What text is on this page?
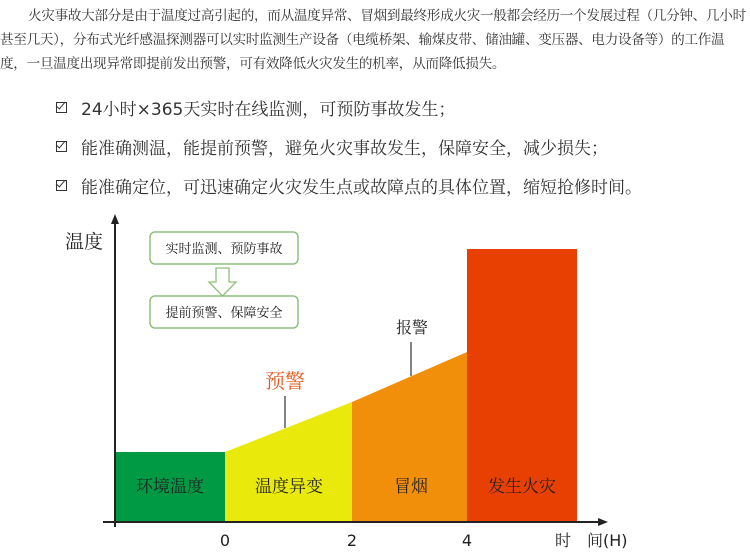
火灾事故大部分是由于温度过高引起的，而从温度异常、冒烟到最终形成火灾一般都会经历一个发展过程（几分钟、几小时甚至几天），分布式光纤感温探测器可以实时监测生产设备（电缆桥架、输煤皮带、储油罐、变压器、电力设备等）的工作温度，一旦温度出现异常即提前发出预警，可有效降低火灾发生的机率，从而降低损失。
24小时×365天实时在线监测，可预防事故发生；
能准确测温，能提前预警，避免火灾事故发生，保障安全，减少损失；
能准确定位，可迅速确定火灾发生点或故障点的具体位置，缩短抢修时间。
温度
时　间(H)
0	2	4
环境温度	温度异变	冒烟	发生火灾
实时监测、预防事故
提前预警、保障安全
预警
报警
